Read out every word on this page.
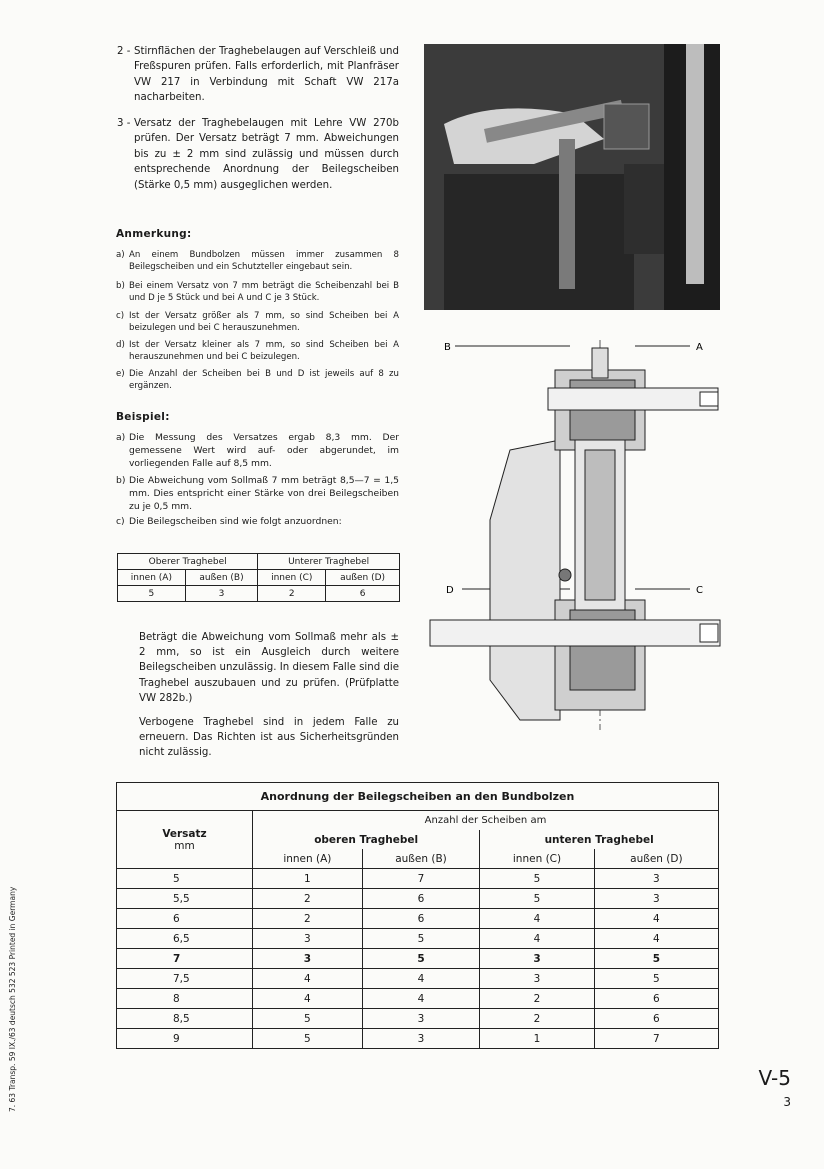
2 - Stirnflächen der Traghebelaugen auf Verschleiß und Freßspuren prüfen. Falls erforderlich, mit Planfräser VW 217 in Verbindung mit Schaft VW 217a nacharbeiten.
3 - Versatz der Traghebelaugen mit Lehre VW 270b prüfen. Der Versatz beträgt 7 mm. Abweichungen bis zu ± 2 mm sind zulässig und müssen durch entsprechende Anordnung der Beilegscheiben (Stärke 0,5 mm) ausgeglichen werden.
Anmerkung:
a) An einem Bundbolzen müssen immer zusammen 8 Beilegscheiben und ein Schutzteller eingebaut sein.
b) Bei einem Versatz von 7 mm beträgt die Scheibenzahl bei B und D je 5 Stück und bei A und C je 3 Stück.
c) Ist der Versatz größer als 7 mm, so sind Scheiben bei A beizulegen und bei C herauszunehmen.
d) Ist der Versatz kleiner als 7 mm, so sind Scheiben bei A herauszunehmen und bei C beizulegen.
e) Die Anzahl der Scheiben bei B und D ist jeweils auf 8 zu ergänzen.
Beispiel:
a) Die Messung des Versatzes ergab 8,3 mm. Der gemessene Wert wird auf- oder abgerundet, im vorliegenden Falle auf 8,5 mm.
b) Die Abweichung vom Sollmaß 7 mm beträgt 8,5—7 = 1,5 mm. Dies entspricht einer Stärke von drei Beilegscheiben zu je 0,5 mm.
c) Die Beilegscheiben sind wie folgt anzuordnen:
Oberer Traghebel		Unterer Traghebel	
innen (A)	außen (B)	innen (C)	außen (D)
5	3	2	6
Beträgt die Abweichung vom Sollmaß mehr als ± 2 mm, so ist ein Ausgleich durch weitere Beilegscheiben unzulässig. In diesem Falle sind die Traghebel auszubauen und zu prüfen. (Prüfplatte VW 282b.)
Verbogene Traghebel sind in jedem Falle zu erneuern. Das Richten ist aus Sicherheitsgründen nicht zulässig.
B	A
D	C
Anordnung der Beilegscheiben an den Bundbolzen				

Versatz
mm	Anzahl der Scheiben am			
	oberen Traghebel		unteren Traghebel	
	innen (A)	außen (B)	innen (C)	außen (D)
5	1	7	5	3
5,5	2	6	5	3
6	2	6	4	4
6,5	3	5	4	4
7	3	5	3	5
7,5	4	4	3	5
8	4	4	2	6
8,5	5	3	2	6
9	5	3	1	7
7. 63 Transp. 59 IX./63 deutsch 532 523 Printed in Germany	V-5
3
